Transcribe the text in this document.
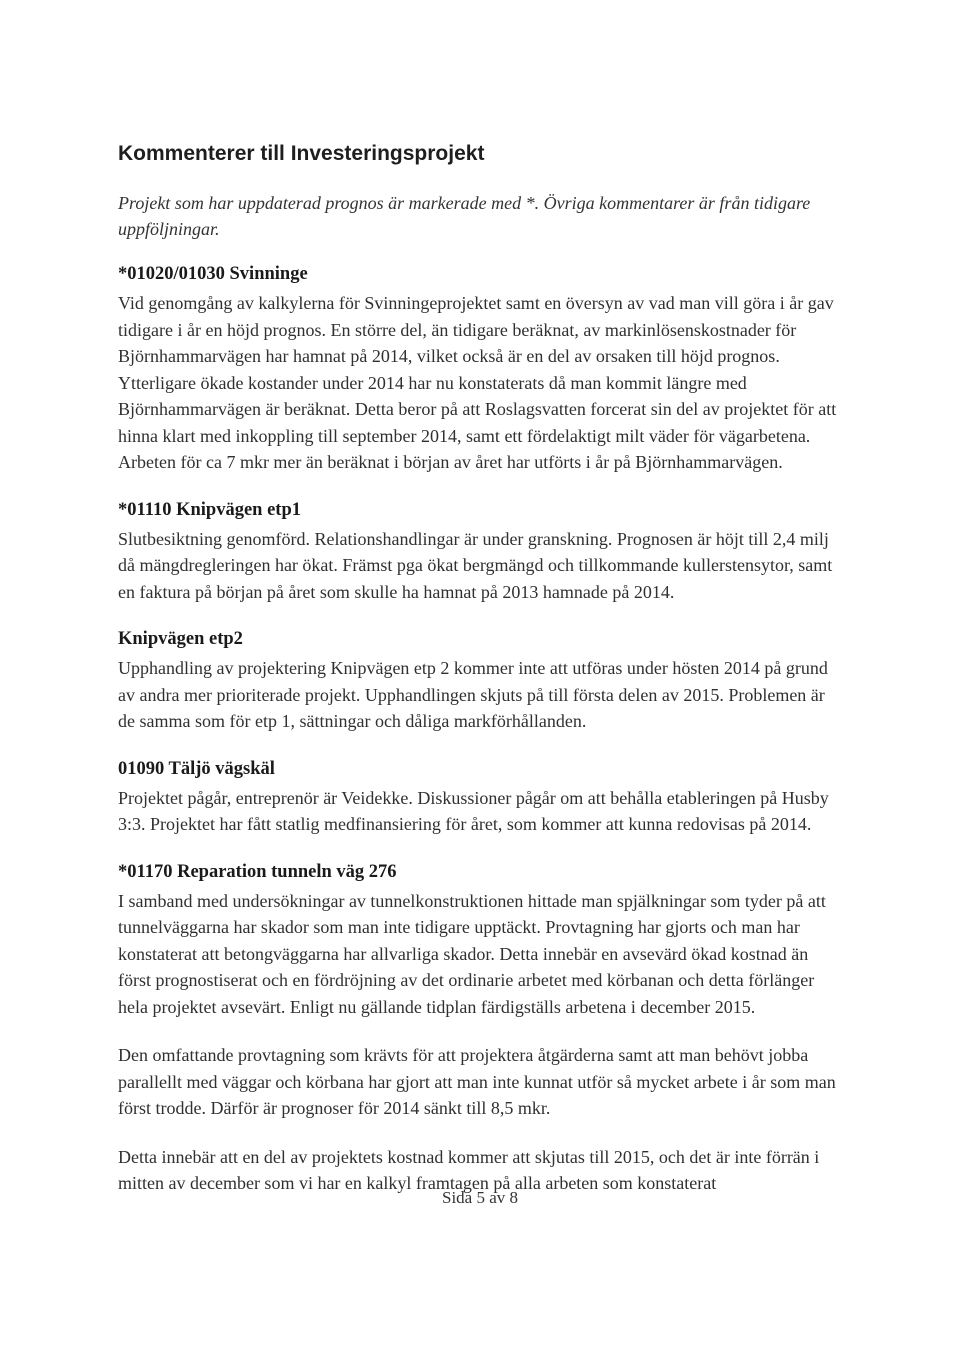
Kommenterer till Investeringsprojekt

Projekt som har uppdaterad prognos är markerade med *. Övriga kommentarer är från tidigare uppföljningar.

*01020/01030 Svinninge

Vid genomgång av kalkylerna för Svinningeprojektet samt en översyn av vad man vill göra i år gav tidigare i år en höjd prognos. En större del, än tidigare beräknat, av markinlösenskostnader för Björnhammarvägen har hamnat på 2014, vilket också är en del av orsaken till höjd prognos. Ytterligare ökade kostander under 2014 har nu konstaterats då man kommit längre med Björnhammarvägen är beräknat. Detta beror på att Roslagsvatten forcerat sin del av projektet för att hinna klart med inkoppling till september 2014, samt ett fördelaktigt milt väder för vägarbetena. Arbeten för ca 7 mkr mer än beräknat i början av året har utförts i år på Björnhammarvägen.

*01110 Knipvägen etp1

Slutbesiktning genomförd. Relationshandlingar är under granskning. Prognosen är höjt till 2,4 milj då mängdregleringen har ökat. Främst pga ökat bergmängd och tillkommande kullerstensytor, samt en faktura på början på året som skulle ha hamnat på 2013 hamnade på 2014.

Knipvägen etp2

Upphandling av projektering Knipvägen etp 2 kommer inte att utföras under hösten 2014 på grund av andra mer prioriterade projekt. Upphandlingen skjuts på till första delen av 2015. Problemen är de samma som för etp 1, sättningar och dåliga markförhållanden.

01090 Täljö vägskäl

Projektet pågår, entreprenör är Veidekke. Diskussioner pågår om att behålla etableringen på Husby 3:3. Projektet har fått statlig medfinansiering för året, som kommer att kunna redovisas på 2014.

*01170 Reparation tunneln väg 276

I samband med undersökningar av tunnelkonstruktionen hittade man spjälkningar som tyder på att tunnelväggarna har skador som man inte tidigare upptäckt. Provtagning har gjorts och man har konstaterat att betongväggarna har allvarliga skador. Detta innebär en avsevärd ökad kostnad än först prognostiserat och en fördröjning av det ordinarie arbetet med körbanan och detta förlänger hela projektet avsevärt. Enligt nu gällande tidplan färdigställs arbetena i december 2015.

Den omfattande provtagning som krävts för att projektera åtgärderna samt att man behövt jobba parallellt med väggar och körbana har gjort att man inte kunnat utför så mycket arbete i år som man först trodde. Därför är prognoser för 2014 sänkt till 8,5 mkr.

Detta innebär att en del av projektets kostnad kommer att skjutas till 2015, och det är inte förrän i mitten av december som vi har en kalkyl framtagen på alla arbeten som konstaterat

Sida 5 av 8
